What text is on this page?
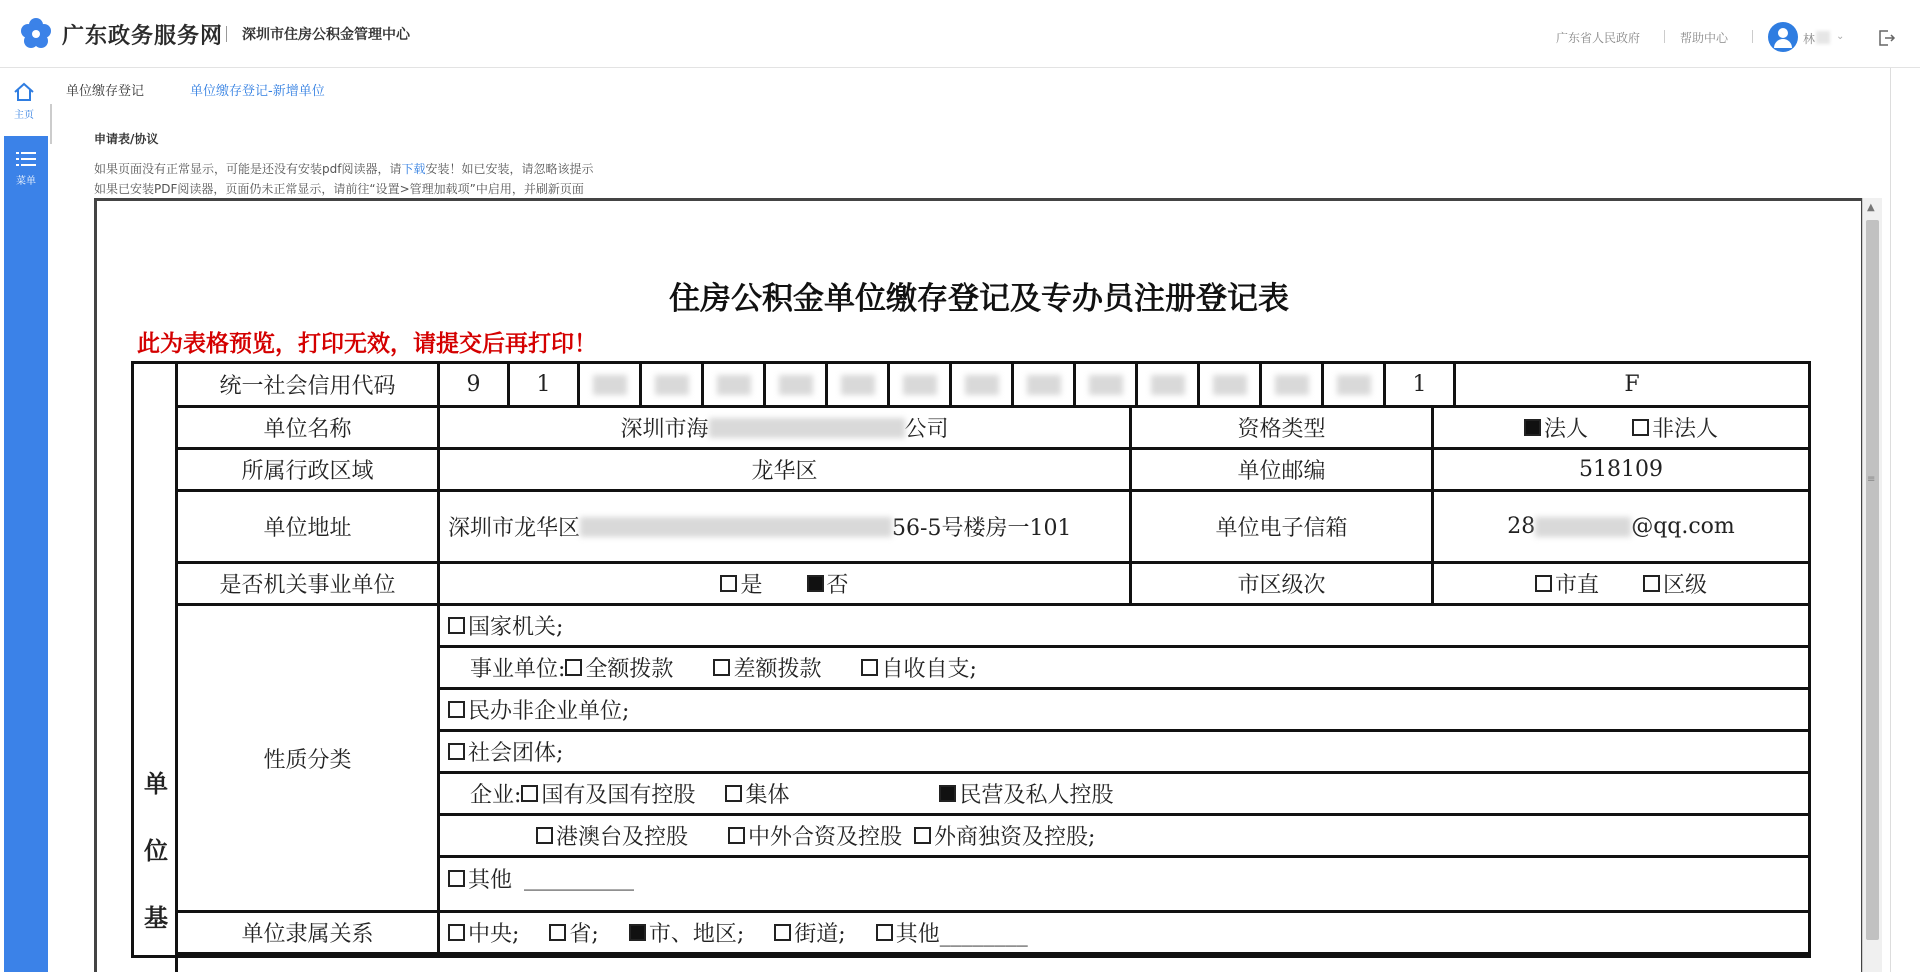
广东政务服务网 深圳市住房公积金管理中心	广东省人民政府	帮助中心	林 ⌄
主页
菜单
单位缴存登记	单位缴存登记-新增单位
申请表/协议
如果页面没有正常显示，可能是还没有安装pdf阅读器，请下载安装！如已安装，请忽略该提示
如果已安装PDF阅读器，页面仍未正常显示，请前往“设置>管理加载项”中启用，并刷新页面
住房公积金单位缴存登记及专办员注册登记表
此为表格预览，打印无效，请提交后再打印！
单
位
基
统一社会信用代码	9	1	1	F
单位名称	深圳市海	公司	资格类型	法人	非法人
所属行政区域	龙华区	单位邮编	518109
单位地址	深圳市龙华区	56-5号楼房一101	单位电子信箱	28	@qq.com
是否机关事业单位	是	否	市区级次	市直	区级
性质分类
国家机关;
事业单位: 全额拨款	差额拨款	自收自支;
民办非企业单位;
社会团体;
企业: 国有及国有控股 集体	民营及私人控股
港澳台及控股	中外合资及控股 外商独资及控股;
其他 __________
单位隶属关系	中央; 省; 市、地区; 街道; 其他________
▲
≡
